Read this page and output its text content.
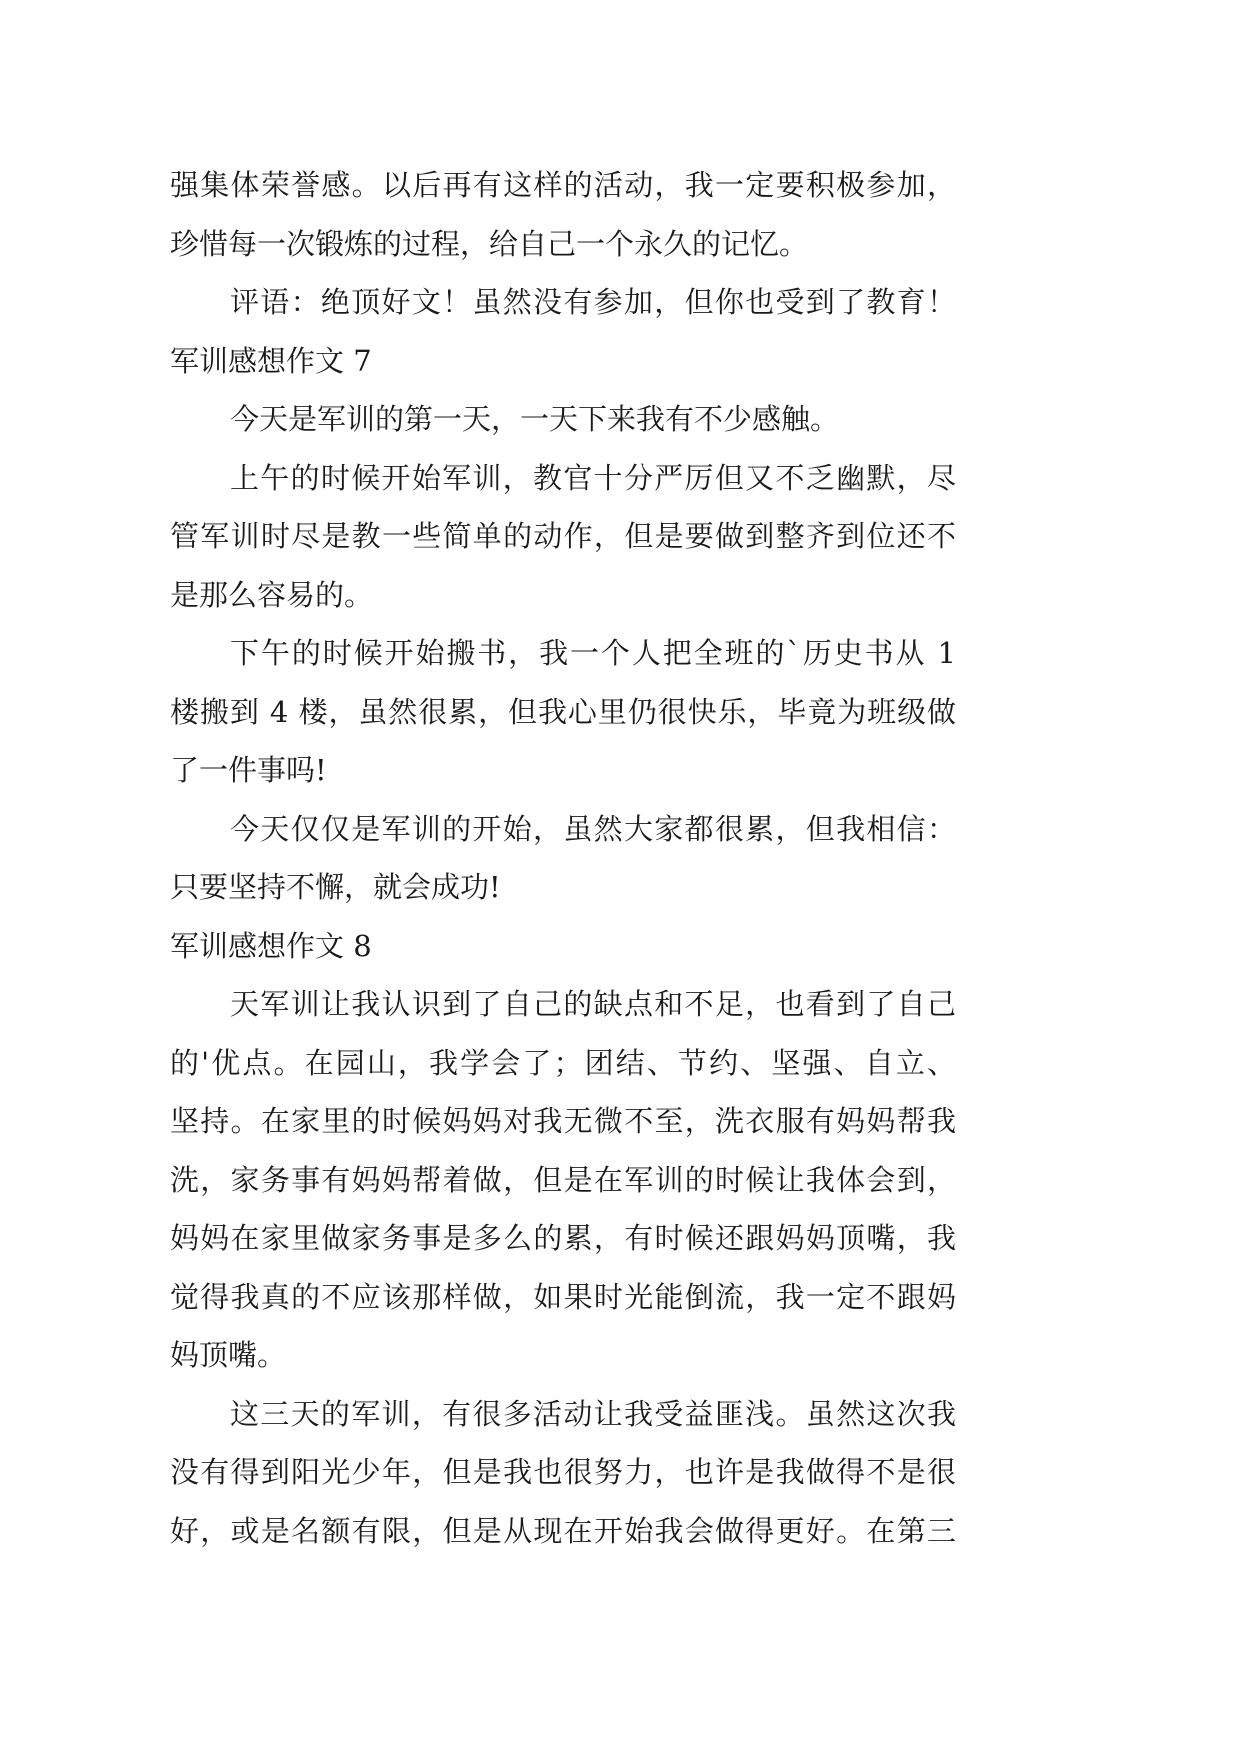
强集体荣誉感。以后再有这样的活动，我一定要积极参加，
珍惜每一次锻炼的过程，给自己一个永久的记忆。
评语：绝顶好文！虽然没有参加，但你也受到了教育！
军训感想作文 7
今天是军训的第一天，一天下来我有不少感触。
上午的时候开始军训，教官十分严厉但又不乏幽默，尽
管军训时尽是教一些简单的动作，但是要做到整齐到位还不
是那么容易的。
下午的时候开始搬书，我一个人把全班的`历史书从 1
楼搬到 4 楼，虽然很累，但我心里仍很快乐，毕竟为班级做
了一件事吗!
今天仅仅是军训的开始，虽然大家都很累，但我相信：
只要坚持不懈，就会成功!
军训感想作文 8
天军训让我认识到了自己的缺点和不足，也看到了自己
的'优点。在园山，我学会了；团结、节约、坚强、自立、
坚持。在家里的时候妈妈对我无微不至，洗衣服有妈妈帮我
洗，家务事有妈妈帮着做，但是在军训的时候让我体会到，
妈妈在家里做家务事是多么的累，有时候还跟妈妈顶嘴，我
觉得我真的不应该那样做，如果时光能倒流，我一定不跟妈
妈顶嘴。
这三天的军训，有很多活动让我受益匪浅。虽然这次我
没有得到阳光少年，但是我也很努力，也许是我做得不是很
好，或是名额有限，但是从现在开始我会做得更好。在第三
